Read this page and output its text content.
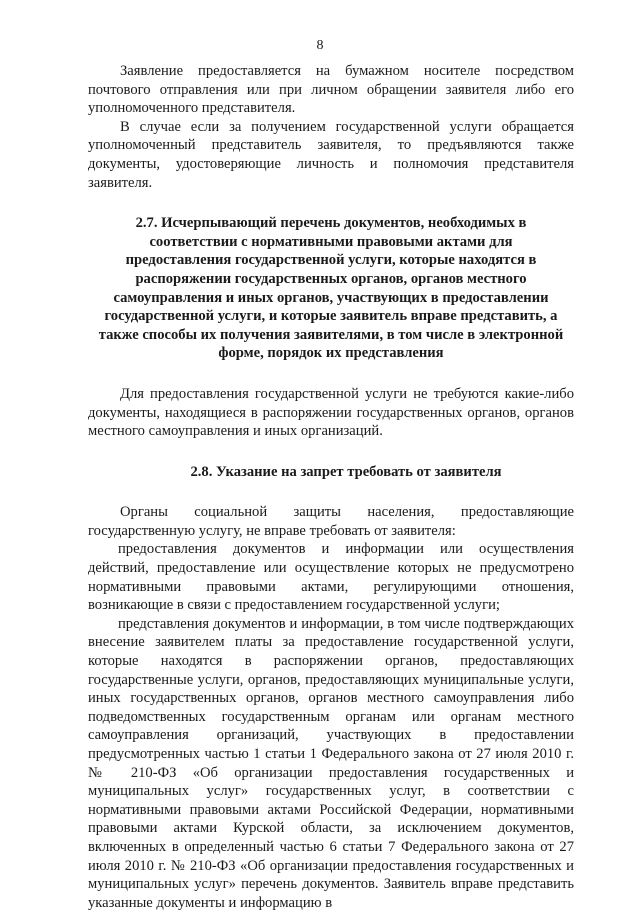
8

Заявление предоставляется на бумажном носителе посредством почтового отправления или при личном обращении заявителя либо его уполномоченного представителя.

В случае если за получением государственной услуги обращается уполномоченный представитель заявителя, то предъявляются также документы, удостоверяющие личность и полномочия представителя заявителя.

2.7. Исчерпывающий перечень документов, необходимых в соответствии с нормативными правовыми актами для предоставления государственной услуги, которые находятся в распоряжении государственных органов, органов местного самоуправления и иных органов, участвующих в предоставлении государственной услуги, и которые заявитель вправе представить, а также способы их получения заявителями, в том числе в электронной форме, порядок их представления

Для предоставления государственной услуги не требуются какие-либо документы, находящиеся в распоряжении государственных органов, органов местного самоуправления и иных организаций.

2.8. Указание на запрет требовать от заявителя

Органы социальной защиты населения, предоставляющие государственную услугу, не вправе требовать от заявителя:

предоставления документов и информации или осуществления действий, предоставление или осуществление которых не предусмотрено нормативными правовыми актами, регулирующими отношения, возникающие в связи с предоставлением государственной услуги;

представления документов и информации, в том числе подтверждающих внесение заявителем платы за предоставление государственной услуги, которые находятся в распоряжении органов, предоставляющих государственные услуги, органов, предоставляющих муниципальные услуги, иных государственных органов, органов местного самоуправления либо подведомственных государственным органам или органам местного самоуправления организаций, участвующих в предоставлении предусмотренных частью 1 статьи 1 Федерального закона от 27 июля 2010 г. № 210-ФЗ «Об организации предоставления государственных и муниципальных услуг» государственных услуг, в соответствии с нормативными правовыми актами Российской Федерации, нормативными правовыми актами Курской области, за исключением документов, включенных в определенный частью 6 статьи 7 Федерального закона от 27 июля 2010 г. № 210-ФЗ «Об организации предоставления государственных и муниципальных услуг» перечень документов. Заявитель вправе представить указанные документы и информацию в
